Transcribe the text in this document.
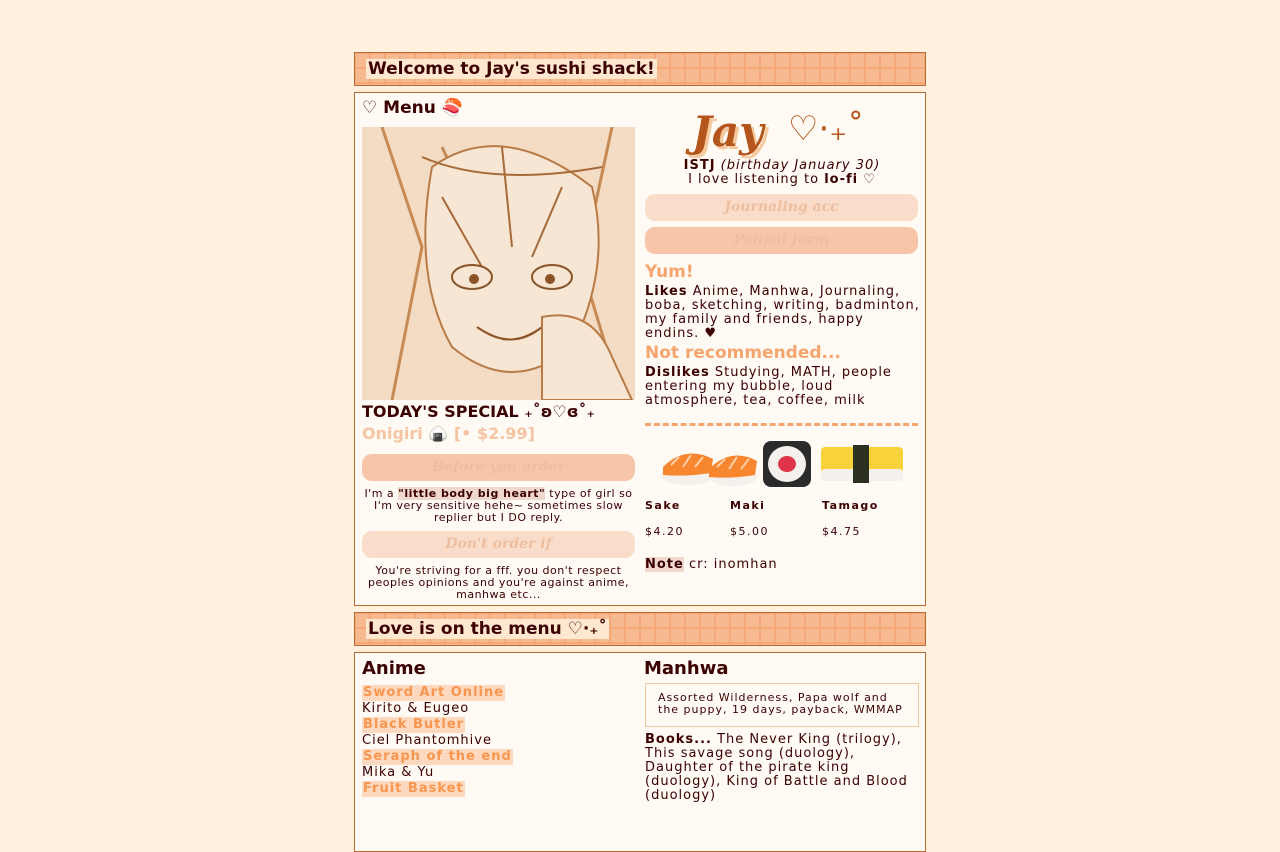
Welcome to Jay's sushi shack!
♡ Menu 🍣
TODAY'S SPECIAL ₊˚ʚ♡ɞ˚₊
Onigiri 🍙 [• $2.99]
Before you order
I'm a "little body big heart" type of girl so I'm very sensitive hehe~ sometimes slow replier but I DO reply.
Don't order if
You're striving for a fff. you don't respect peoples opinions and you're against anime, manhwa etc...
Jay ♡·₊˚
ISTJ (birthday January 30)
I love listening to lo-fi ♡
Journaling acc
Penpal form
Yum!
Likes Anime, Manhwa, Journaling, boba, sketching, writing, badminton, my family and friends, happy endins. ♥
Not recommended...
Dislikes Studying, MATH, people entering my bubble, loud atmosphere, tea, coffee, milk
Sake	Maki	Tamago
$4.20	$5.00	$4.75
Note cr: inomhan
Love is on the menu ♡·₊˚
Anime
Sword Art Online
Kirito & Eugeo
Black Butler
Ciel Phantomhive
Seraph of the end
Mika & Yu
Fruit Basket
Manhwa
Assorted Wilderness, Papa wolf and the puppy, 19 days, payback, WMMAP
Books... The Never King (trilogy), This savage song (duology), Daughter of the pirate king (duology), King of Battle and Blood (duology)
